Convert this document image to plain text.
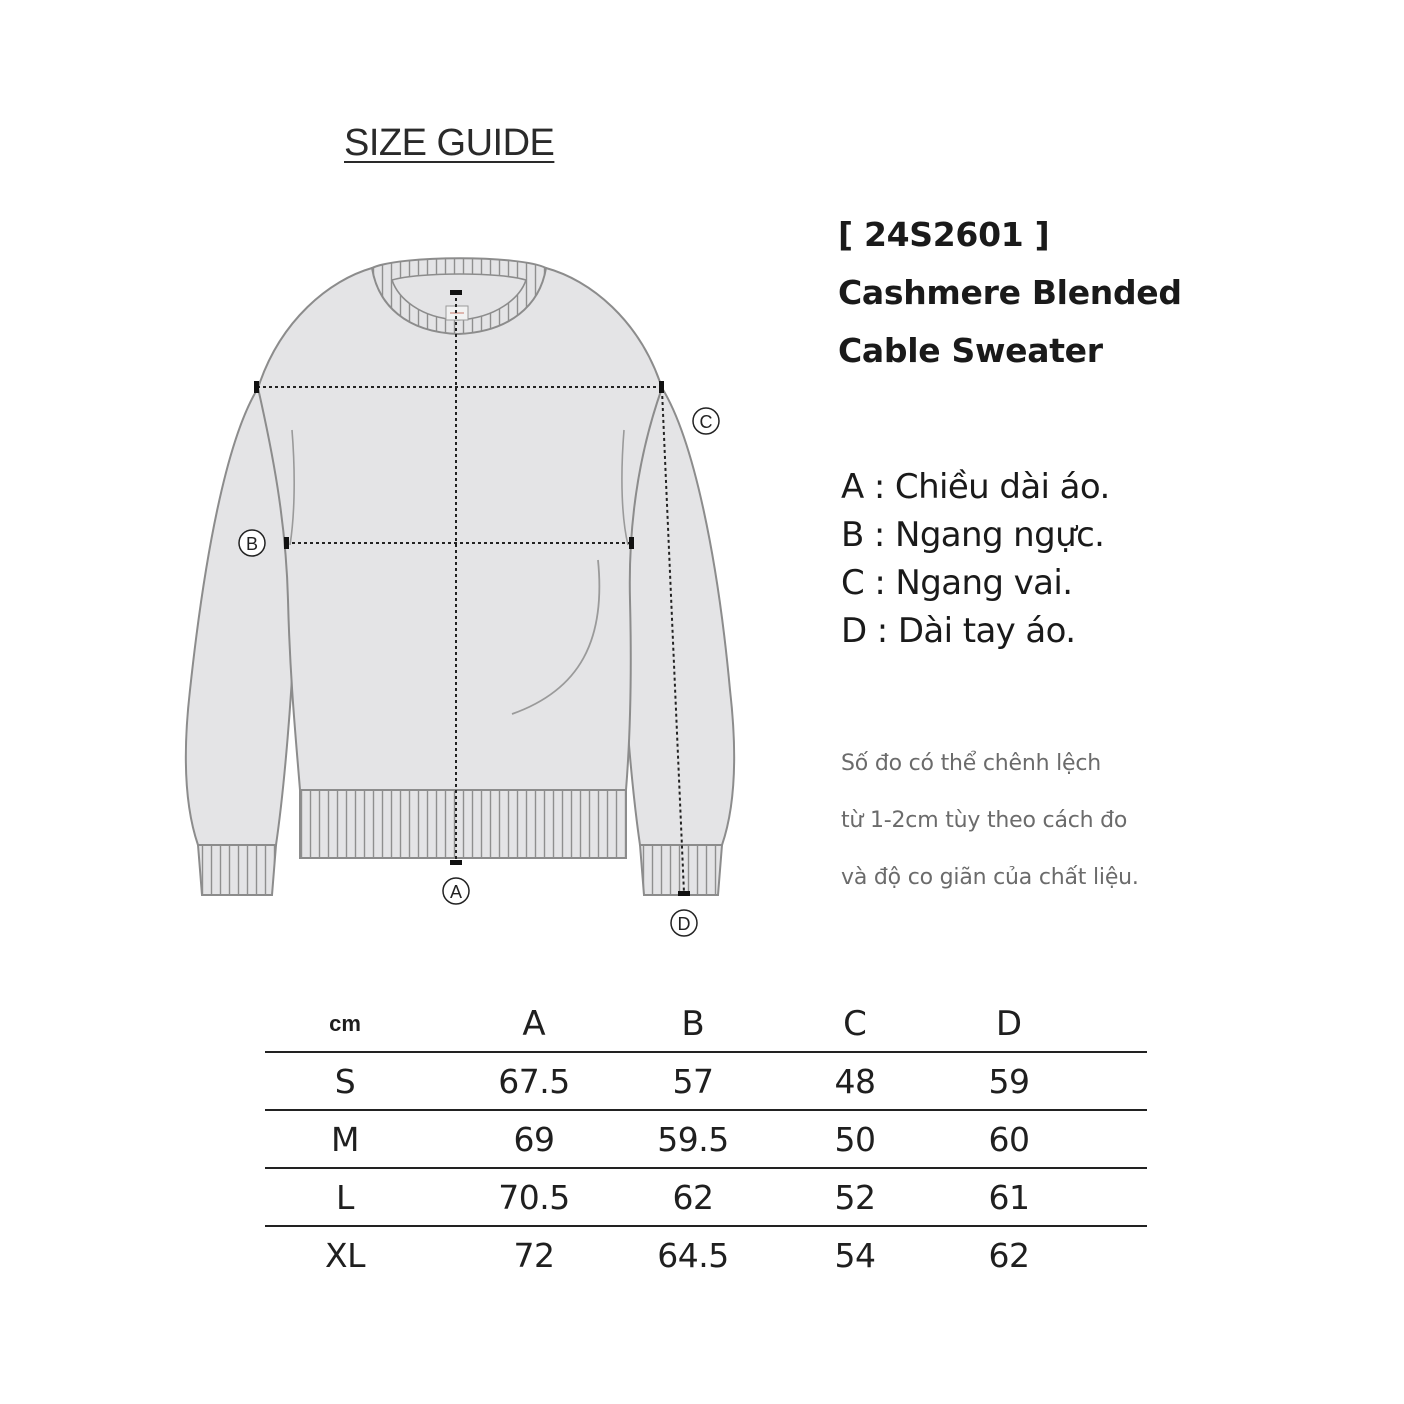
SIZE GUIDE
[ 24S2601 ]
Cashmere Blended
Cable Sweater
A : Chiều dài áo.
B : Ngang ngực.
C : Ngang vai.
D : Dài tay áo.
Số đo có thể chênh lệch
từ 1-2cm tùy theo cách đo
và độ co giãn của chất liệu.
A
B
C
D
cm	A	B	C	D	
S	67.5	57	48	59	
M	69	59.5	50	60	
L	70.5	62	52	61	
XL	72	64.5	54	62	
